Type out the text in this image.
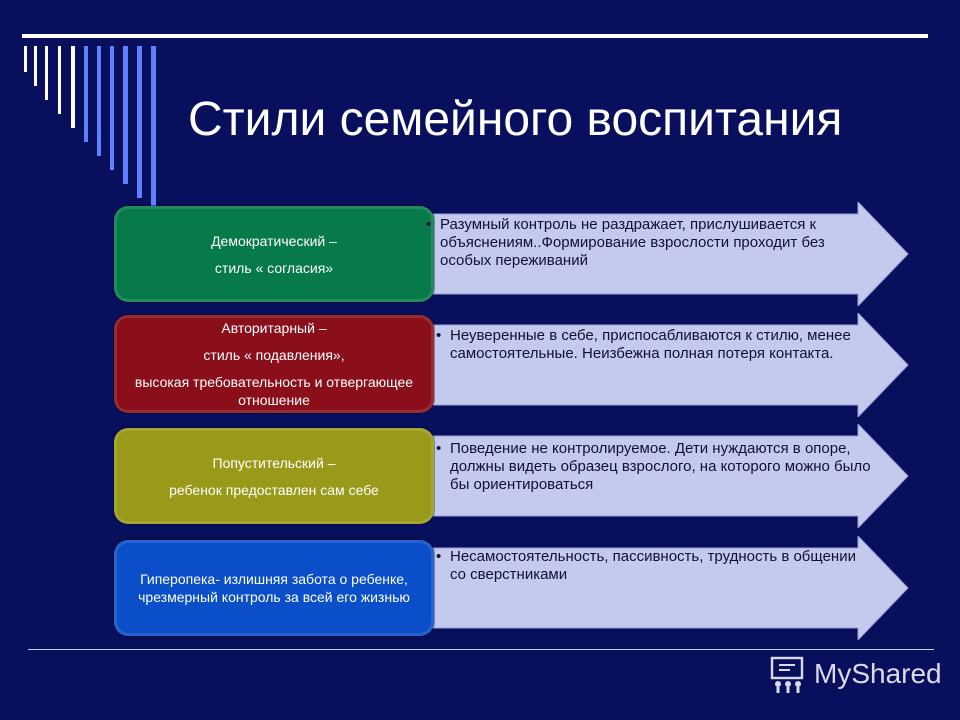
Стили семейного воспитания

Демократический –

стиль « согласия»

• Разумный контроль не раздражает, прислушивается к объяснениям..Формирование взрослости проходит без особых переживаний

Авторитарный –

стиль « подавления»,

высокая требовательность и отвергающее отношение

• Неуверенные в себе, приспосабливаются к стилю, менее самостоятельные. Неизбежна полная потеря контакта.

Попустительский –

ребенок предоставлен сам себе

• Поведение не контролируемое. Дети нуждаются в опоре, должны видеть образец взрослого, на которого можно было бы ориентироваться

Гиперопека- излишняя забота о ребенке, чрезмерный контроль за всей его жизнью

• Несамостоятельность, пассивность, трудность в общении со сверстниками
MyShared
